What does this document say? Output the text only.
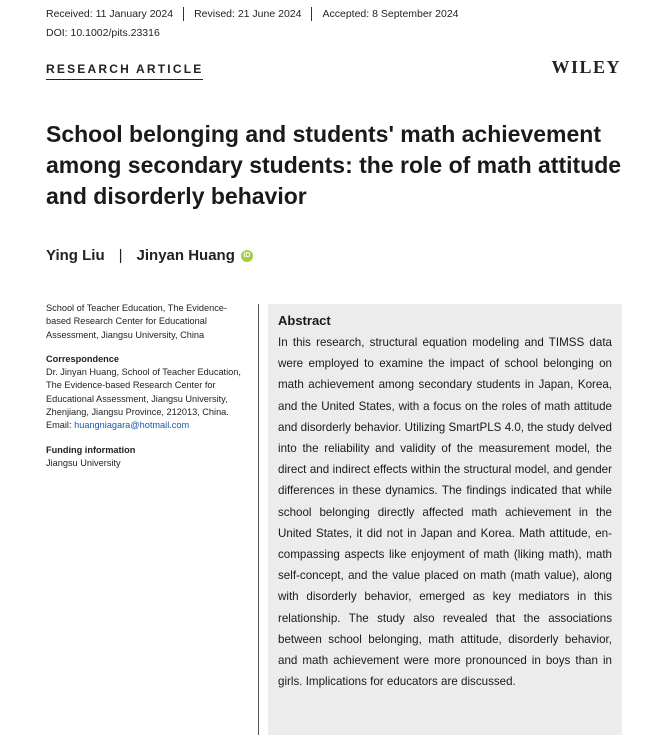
Received: 11 January 2024 Revised: 21 June 2024 Accepted: 8 September 2024
DOI: 10.1002/pits.23316
RESEARCH ARTICLE	WILEY
School belonging and students' math achievement among secondary students: the role of math attitude and disorderly behavior
Ying Liu | Jinyan Huang	iD

School of Teacher Education, The Evidence-based Research Center for Educational Assessment, Jiangsu University, China

Correspondence

Dr. Jinyan Huang, School of Teacher Education, The Evidence-based Research Center for Educational Assessment, Jiangsu University, Zhenjiang, Jiangsu Province, 212013, China.
Email: huangniagara@hotmail.com

Funding information

Jiangsu University

Abstract

In this research, structural equation modeling and TIMSS data were employed to examine the impact of school belonging on math achievement among secondary students in Japan, Korea, and the United States, with a focus on the roles of math attitude and disorderly behavior. Utilizing SmartPLS 4.0, the study delved into the reliability and validity of the measurement model, the direct and indirect effects within the structural model, and gender differences in these dynamics. The findings indicated that while school belonging directly affected math achievement in the United States, it did not in Japan and Korea. Math attitude, encompassing aspects like enjoyment of math (liking math), math self-concept, and the value placed on math (math value), along with disorderly behavior, emerged as key mediators in this relationship. The study also revealed that the associations between school belonging, math attitude, disorderly behavior, and math achievement were more pronounced in boys than in girls. Implications for educators are discussed.
